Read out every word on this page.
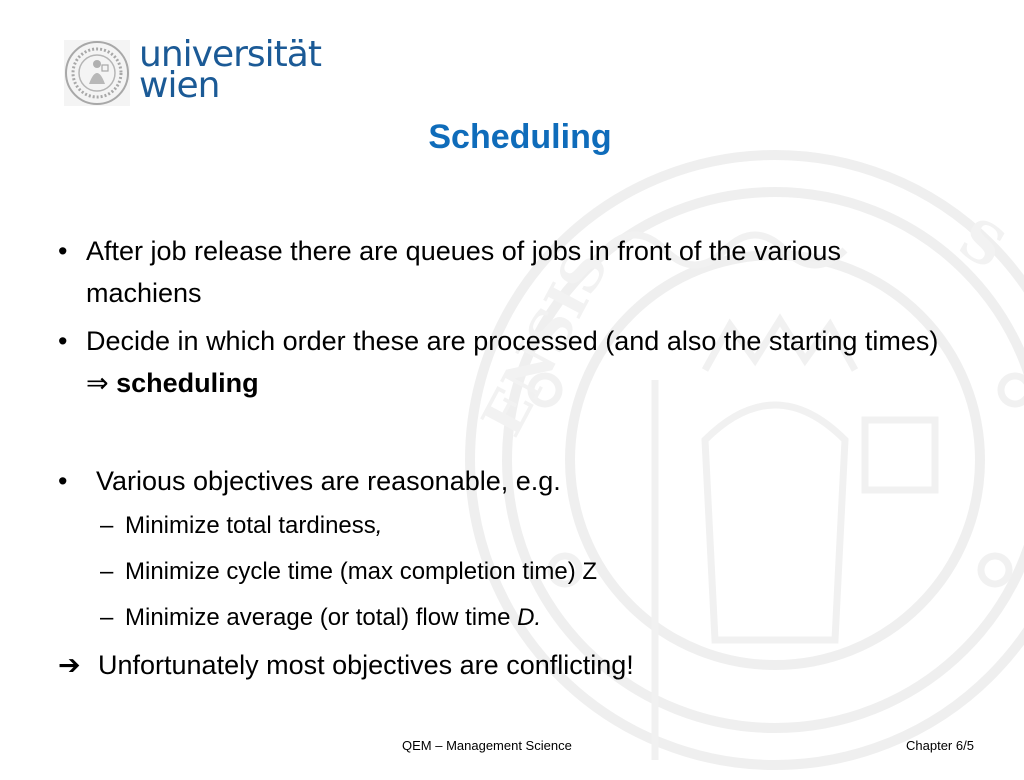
ENSIS	S
universität
wien
Scheduling
• After job release there are queues of jobs in front of the various machiens
• Decide in which order these are processed (and also the starting times) ⇒ scheduling
• Various objectives are reasonable, e.g.
– Minimize total tardiness,
– Minimize cycle time (max completion time) Z
– Minimize average (or total) flow time D.
➔ Unfortunately most objectives are conflicting!
QEM – Management Science	Chapter 6/5
